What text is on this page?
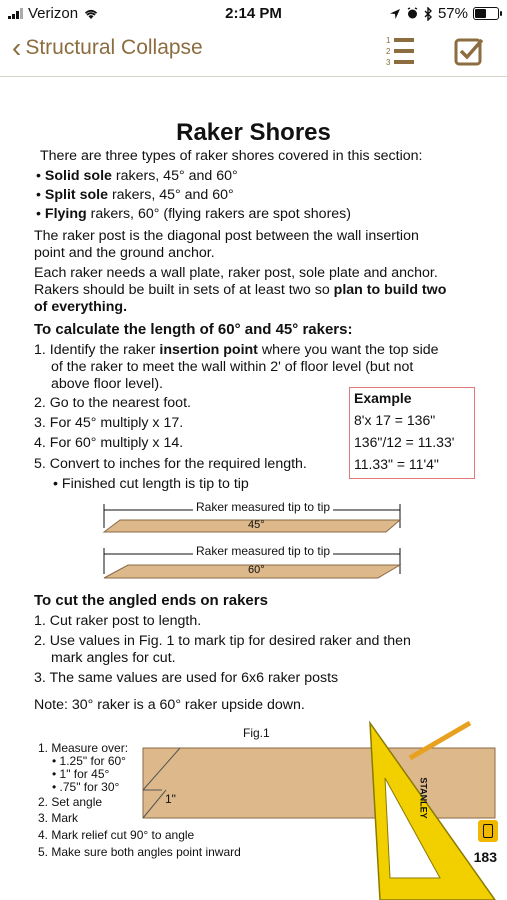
Verizon	2:14 PM	57%
‹ Structural Collapse	1
2
3
Raker Shores
There are three types of raker shores covered in this section:
• Solid sole rakers, 45° and 60°
• Split sole rakers, 45° and 60°
• Flying rakers, 60° (flying rakers are spot shores)
The raker post is the diagonal post between the wall insertion
point and the ground anchor.
Each raker needs a wall plate, raker post, sole plate and anchor.
Rakers should be built in sets of at least two so plan to build two
of everything.
To calculate the length of 60° and 45° rakers:
1. Identify the raker insertion point where you want the top side
of the raker to meet the wall within 2' of floor level (but not
above floor level).
2. Go to the nearest foot.
3. For 45° multiply x 17.
4. For 60° multiply x 14.
5. Convert to inches for the required length.
• Finished cut length is tip to tip
Example
8'x 17 = 136"
136"/12 = 11.33'
11.33" = 11'4"
Raker measured tip to tip
45°
Raker measured tip to tip
60°
To cut the angled ends on rakers
1. Cut raker post to length.
2. Use values in Fig. 1 to mark tip for desired raker and then
mark angles for cut.
3. The same values are used for 6x6 raker posts
Note: 30° raker is a 60° raker upside down.
Fig.1
1"	STANLEY
1. Measure over:
• 1.25" for 60°
• 1" for 45°
• .75" for 30°
2. Set angle
3. Mark
4. Mark relief cut 90° to angle
5. Make sure both angles point inward	183
